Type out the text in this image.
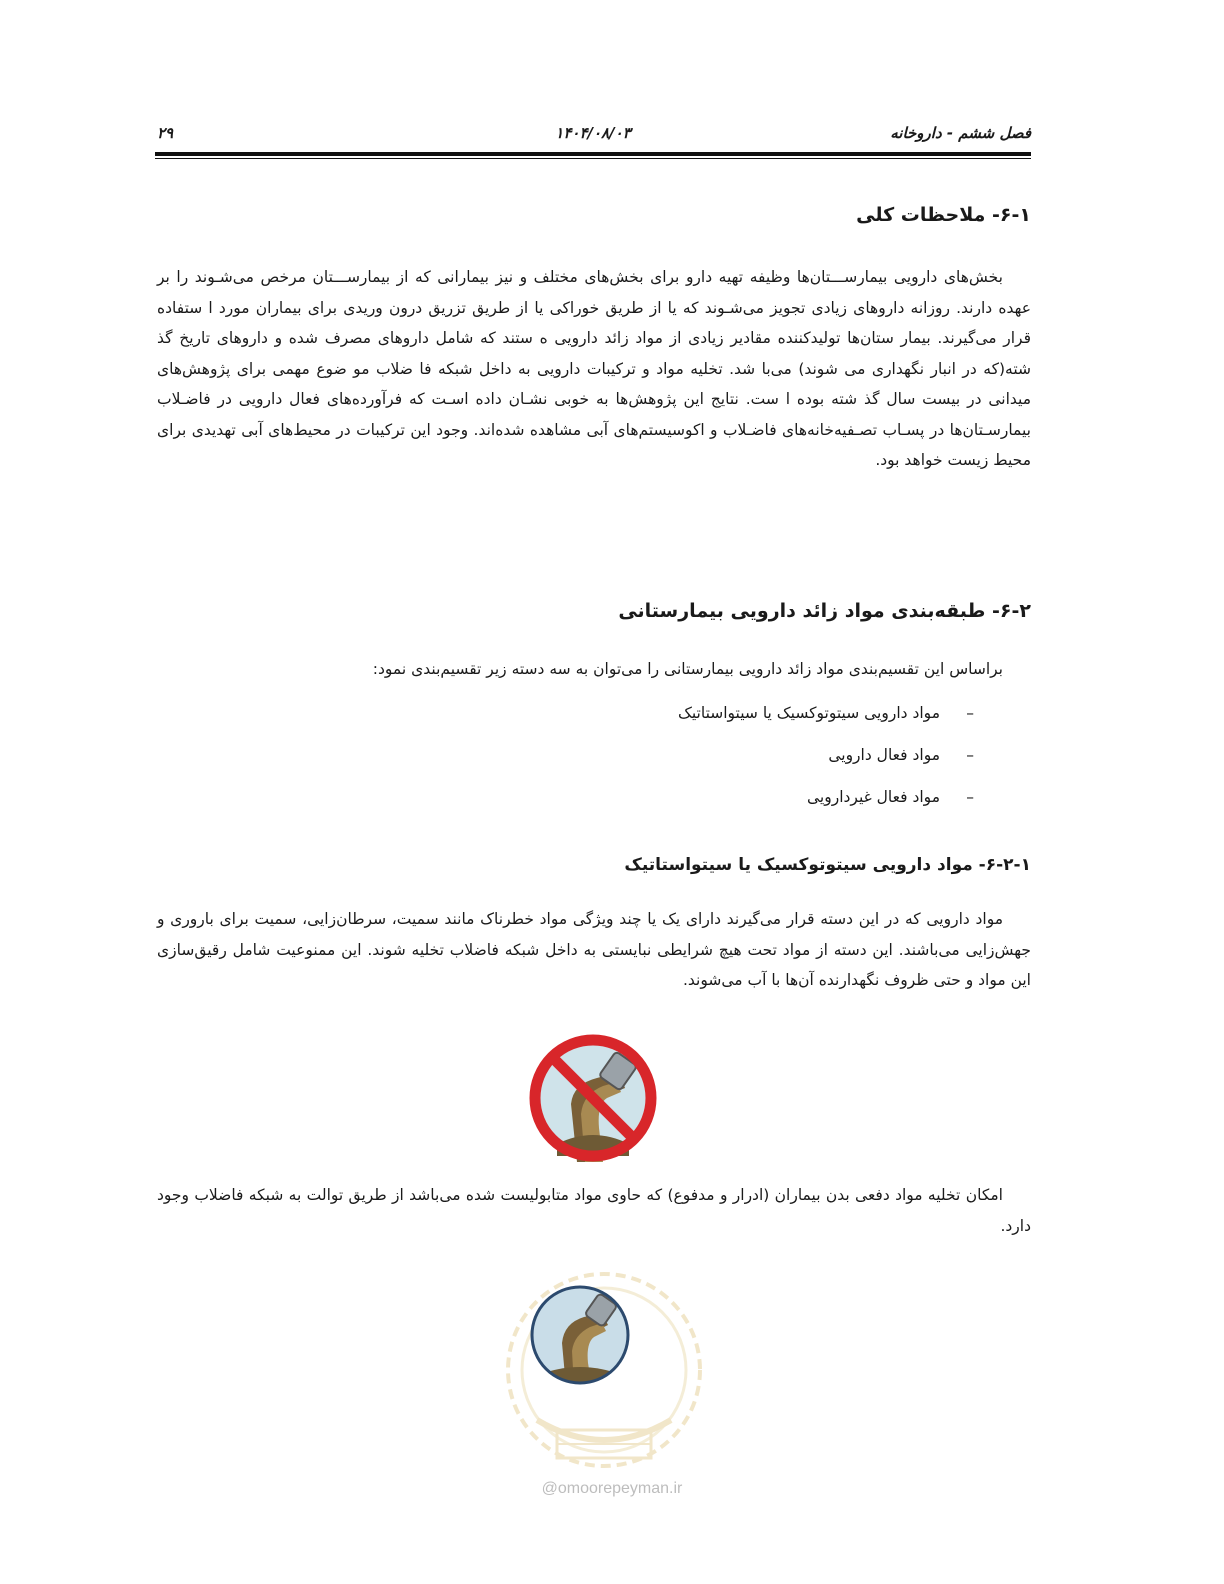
فصل ششم - داروخانه
۱۴۰۴/۰۸/۰۳
۲۹
۶-۱- ملاحظات کلی

بخش‌های دارویی بیمارســـتان‌ها وظیفه تهیه دارو برای بخش‌های مختلف و نیز بیمارانی که از بیمارســـتان مرخص می‌شـوند را بر عهده دارند. روزانه داروهای زیادی تجویز می‌شـوند که یا از طریق خوراکی یا از طریق تزریق درون وریدی برای بیماران مورد ا ستفاده قرار می‌گیرند. بیمار ستان‌ها تولیدکننده مقادیر زیادی از مواد زائد دارویی ه ستند که شامل داروهای مصرف شده و داروهای تاریخ گذ شته(که در انبار نگهداری می شوند) می‌با شد. تخلیه مواد و ترکیبات دارویی به داخل شبکه فا ضلاب مو ضوع مهمی برای پژوهش‌های میدانی در بیست سال گذ شته بوده ا ست. نتایج این پژوهش‌ها به خوبی نشـان داده اسـت که فرآورده‌های فعال دارویی در فاضـلاب بیمارسـتان‌ها در پسـاب تصـفیه‌خانه‌های فاضـلاب و اکوسیستم‌های آبی مشاهده شده‌اند. وجود این ترکیبات در محیط‌های آبی تهدیدی برای محیط زیست خواهد بود.

۶-۲- طبقه‌بندی مواد زائد دارویی بیمارستانی
براساس این تقسیم‌بندی مواد زائد دارویی بیمارستانی را می‌توان به سه دسته زیر تقسیم‌بندی نمود:
–مواد دارویی سیتوتوکسیک یا سیتواستاتیک
–مواد فعال دارویی
–مواد فعال غیردارویی
۶-۲-۱- مواد دارویی سیتوتوکسیک یا سیتواستاتیک

مواد دارویی که در این دسته قرار می‌گیرند دارای یک یا چند ویژگی مواد خطرناک مانند سمیت، سرطان‌زایی، سمیت برای باروری و جهش‌زایی می‌باشند. این دسته از مواد تحت هیچ شرایطی نبایستی به داخل شبکه فاضلاب تخلیه شوند. این ممنوعیت شامل رقیق‌سازی این مواد و حتی ظروف نگهدارنده آن‌ها با آب می‌شوند.

امکان تخلیه مواد دفعی بدن بیماران (ادرار و مدفوع) که حاوی مواد متابولیست شده می‌باشد از طریق توالت به شبکه فاضلاب وجود دارد.

@omoorepeyman.ir
